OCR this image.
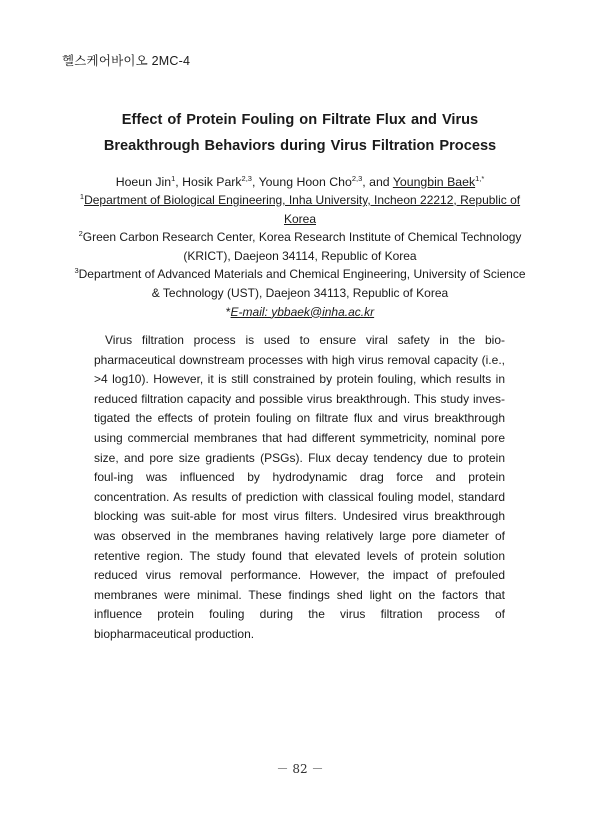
헬스케어바이오 2MC-4
Effect of Protein Fouling on Filtrate Flux and Virus
Breakthrough Behaviors during Virus Filtration Process
Hoeun Jin$^1$, Hosik Park$^{2,3}$, Young Hoon Cho$^{2,3}$, and Youngbin Baek$^{1,*}$
$^1$Department of Biological Engineering, Inha University, Incheon 22212, Republic of Korea
$^2$Green Carbon Research Center, Korea Research Institute of Chemical Technology (KRICT), Daejeon 34114, Republic of Korea
$^3$Department of Advanced Materials and Chemical Engineering, University of Science & Technology (UST), Daejeon 34113, Republic of Korea
*E-mail: ybbaek@inha.ac.kr

Virus filtration process is used to ensure viral safety in the bio-pharmaceutical downstream processes with high virus removal capacity (i.e., >4 log10). However, it is still constrained by protein fouling, which results in reduced filtration capacity and possible virus breakthrough. This study inves-tigated the effects of protein fouling on filtrate flux and virus breakthrough using commercial membranes that had different symmetricity, nominal pore size, and pore size gradients (PSGs). Flux decay tendency due to protein foul-ing was influenced by hydrodynamic drag force and protein concentration. As results of prediction with classical fouling model, standard blocking was suit-able for most virus filters. Undesired virus breakthrough was observed in the membranes having relatively large pore diameter of retentive region. The study found that elevated levels of protein solution reduced virus removal performance. However, the impact of prefouled membranes were minimal. These findings shed light on the factors that influence protein fouling during the virus filtration process of biopharmaceutical production.

－ 82 －
